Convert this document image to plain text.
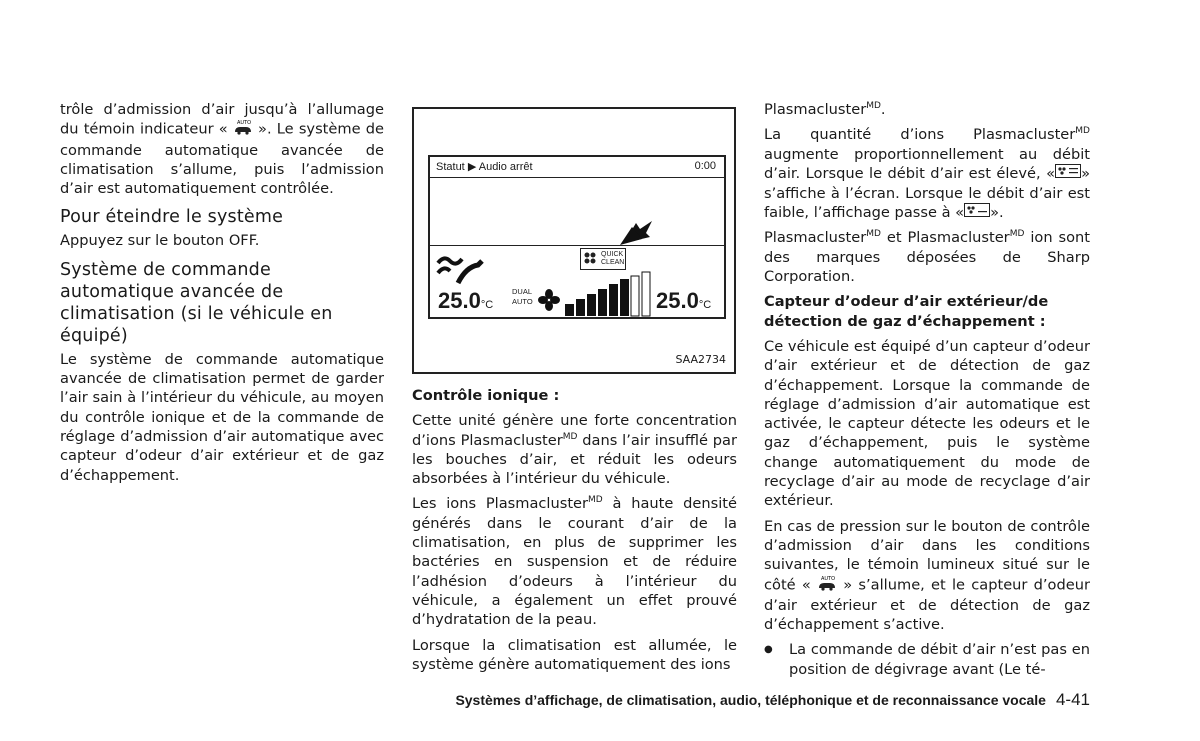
trôle d’admission d’air jusqu’à l’allumage du témoin indicateur « AUTO ». Le système de commande automatique avancée de climatisation s’allume, puis l’admission d’air est automatiquement contrôlée.

Pour éteindre le système

Appuyez sur le bouton OFF.

Système de commande automatique avancée de climatisation (si le véhicule en équipé)

Le système de commande automatique avancée de climatisation permet de garder l’air sain à l’intérieur du véhicule, au moyen du contrôle ionique et de la commande de réglage d’admission d’air automatique avec capteur d’odeur d’air extérieur et de gaz d’échappement.

Statut ▶ Audio arrêt	0:00
QUICK
CLEAN
25.0°C
DUAL
AUTO	25.0°C
SAA2734

Contrôle ionique :

Cette unité génère une forte concentration d’ions Plasmacluster$^{MD}$ dans l’air insufflé par les bouches d’air, et réduit les odeurs absorbées à l’intérieur du véhicule.

Les ions Plasmacluster$^{MD}$ à haute densité générés dans le courant d’air de la climatisation, en plus de supprimer les bactéries en suspension et de réduire l’adhésion d’odeurs à l’intérieur du véhicule, a également un effet prouvé d’hydratation de la peau.

Lorsque la climatisation est allumée, le système génère automatiquement des ions

Plasmacluster$^{MD}$.

La quantité d’ions Plasmacluster$^{MD}$ augmente proportionnellement au débit d’air. Lorsque le débit d’air est élevé, « » s’affiche à l’écran. Lorsque le débit d’air est faible, l’affichage passe à « ».

Plasmacluster$^{MD}$ et Plasmacluster$^{MD}$ ion sont des marques déposées de Sharp Corporation.

Capteur d’odeur d’air extérieur/de détection de gaz d’échappement :

Ce véhicule est équipé d’un capteur d’odeur d’air extérieur et de détection de gaz d’échappement. Lorsque la commande de réglage d’admission d’air automatique est activée, le capteur détecte les odeurs et le gaz d’échappement, puis le système change automatiquement du mode de recyclage d’air au mode de recyclage d’air extérieur.

En cas de pression sur le bouton de contrôle d’admission d’air dans les conditions suivantes, le témoin lumineux situé sur le côté « AUTO » s’allume, et le capteur d’odeur d’air extérieur et de détection de gaz d’échappement s’active.

● La commande de débit d’air n’est pas en position de dégivrage avant (Le té-

Systèmes d’affichage, de climatisation, audio, téléphonique et de reconnaissance vocale 4-41
